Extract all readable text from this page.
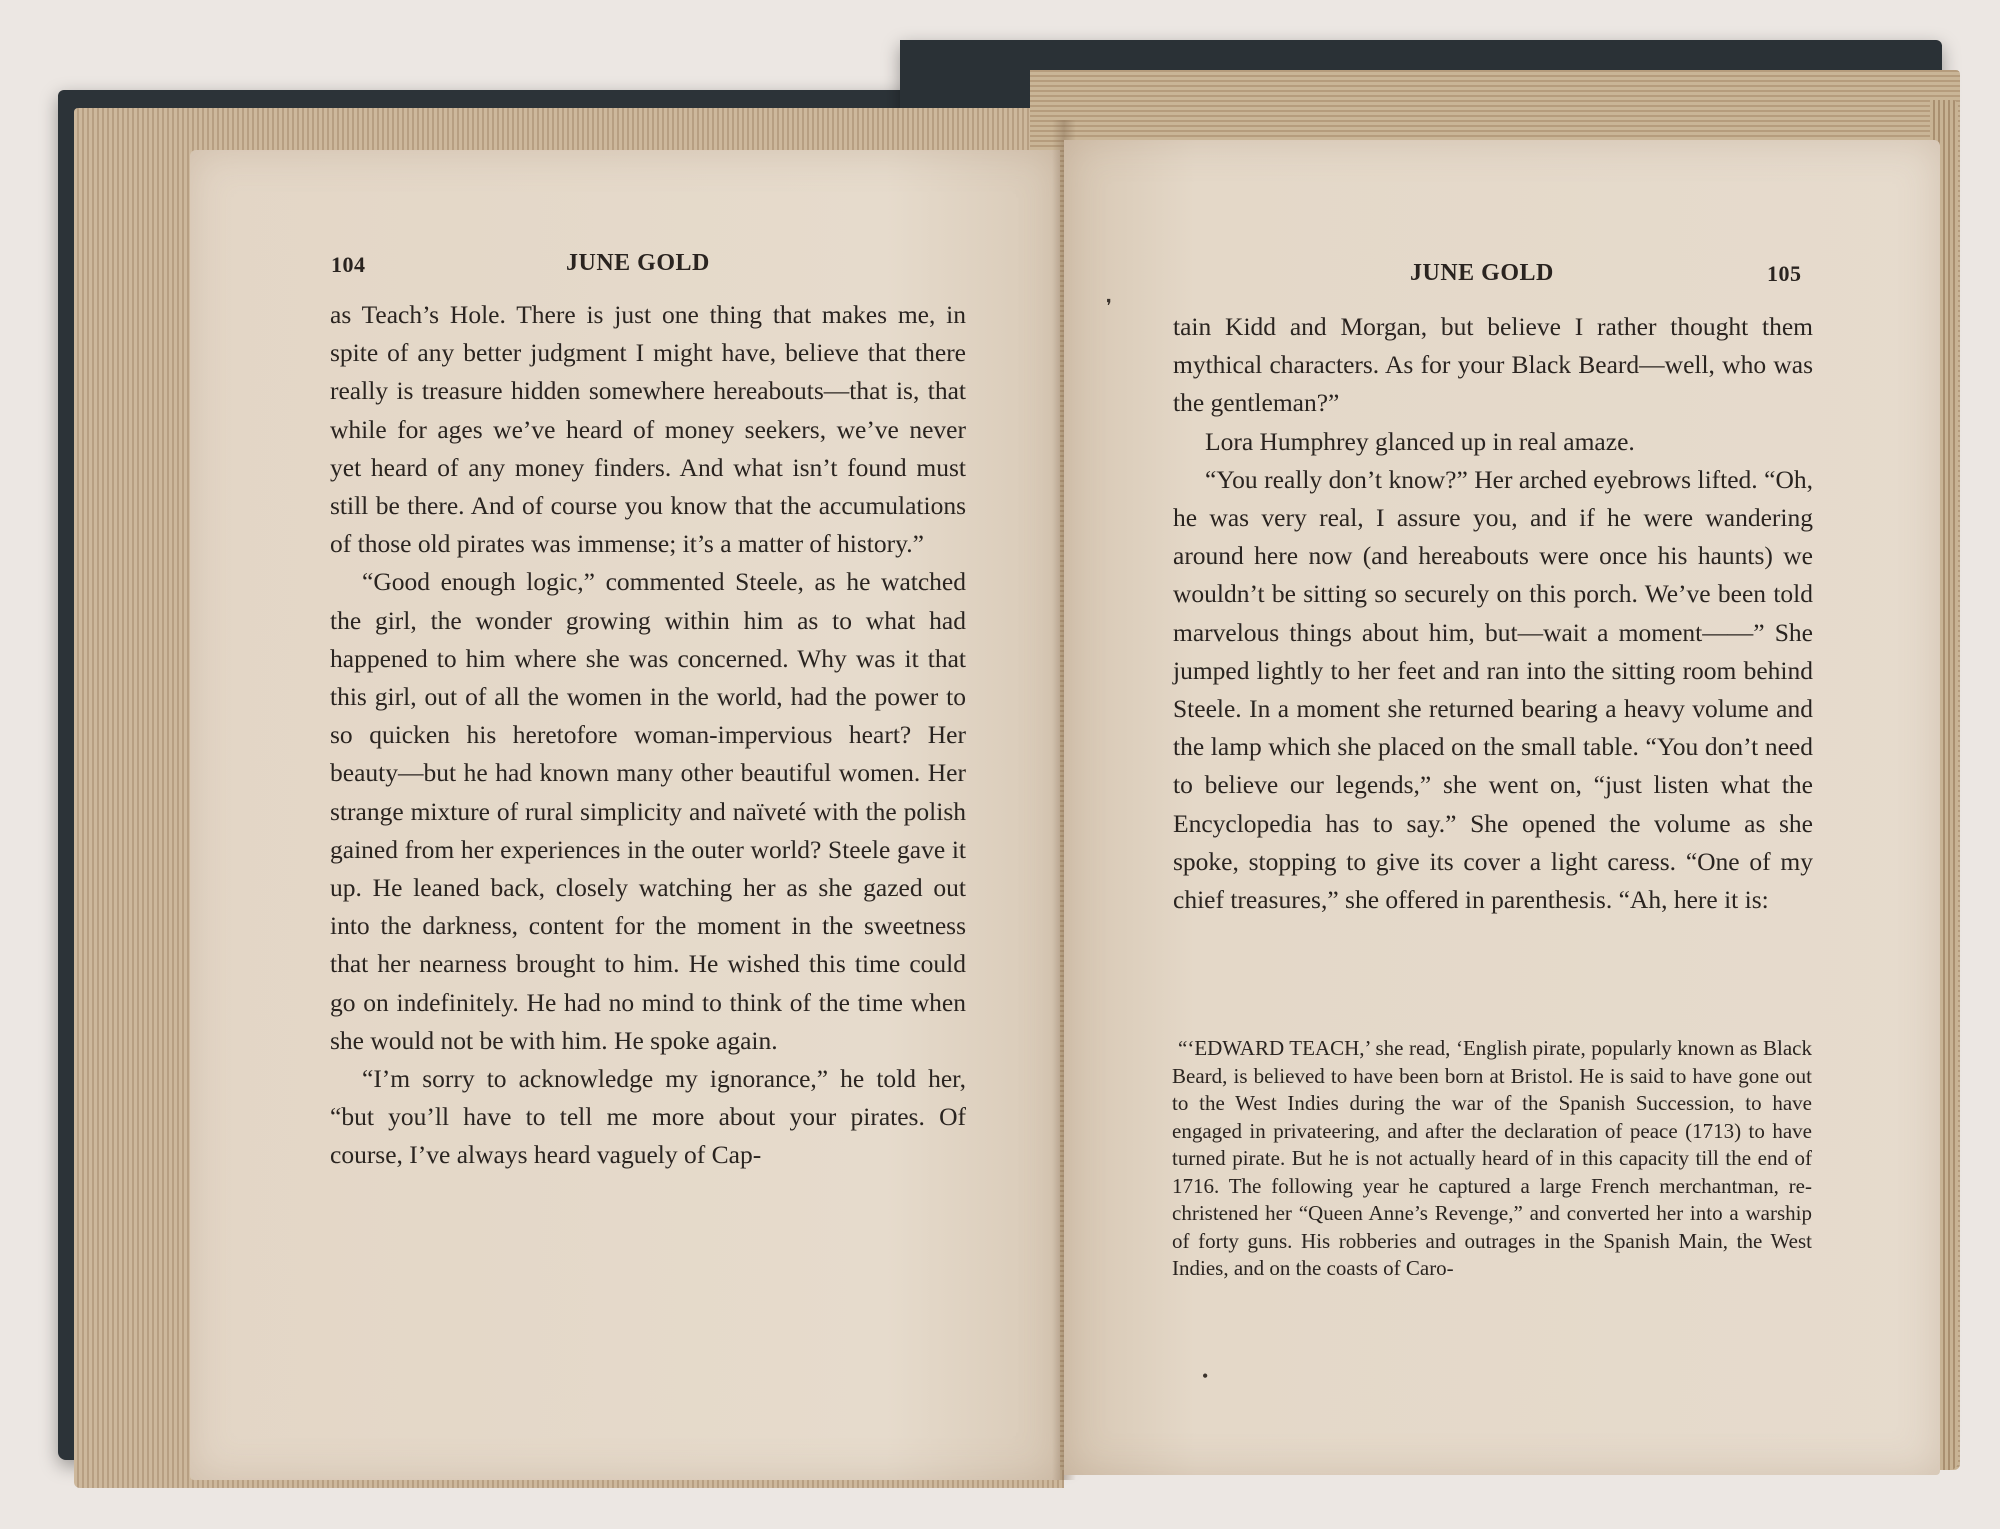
104	JUNE GOLD

as Teach’s Hole. There is just one thing that makes me, in spite of any better judgment I might have, believe that there really is treasure hidden somewhere hereabouts—that is, that while for ages we’ve heard of money seekers, we’ve never yet heard of any money finders. And what isn’t found must still be there. And of course you know that the accumulations of those old pirates was immense; it’s a matter of history.”

“Good enough logic,” commented Steele, as he watched the girl, the wonder growing within him as to what had happened to him where she was concerned. Why was it that this girl, out of all the women in the world, had the power to so quicken his heretofore woman-impervious heart? Her beauty—but he had known many other beautiful women. Her strange mixture of rural simplicity and naïveté with the polish gained from her experiences in the outer world? Steele gave it up. He leaned back, closely watching her as she gazed out into the darkness, content for the moment in the sweetness that her nearness brought to him. He wished this time could go on indefinitely. He had no mind to think of the time when she would not be with him. He spoke again.

“I’m sorry to acknowledge my ignorance,” he told her, “but you’ll have to tell me more about your pirates. Of course, I’ve always heard vaguely of Cap-

JUNE GOLD	105

tain Kidd and Morgan, but believe I rather thought them mythical characters. As for your Black Beard—well, who was the gentleman?”

Lora Humphrey glanced up in real amaze.

“You really don’t know?” Her arched eyebrows lifted. “Oh, he was very real, I assure you, and if he were wandering around here now (and hereabouts were once his haunts) we wouldn’t be sitting so securely on this porch. We’ve been told marvelous things about him, but—wait a moment——” She jumped lightly to her feet and ran into the sitting room behind Steele. In a moment she returned bearing a heavy volume and the lamp which she placed on the small table. “You don’t need to believe our legends,” she went on, “just listen what the Encyclopedia has to say.” She opened the volume as she spoke, stopping to give its cover a light caress. “One of my chief treasures,” she offered in parenthesis. “Ah, here it is:

“‘EDWARD TEACH,’ she read, ‘English pirate, popularly known as Black Beard, is believed to have been born at Bristol. He is said to have gone out to the West Indies during the war of the Spanish Succession, to have engaged in privateering, and after the declaration of peace (1713) to have turned pirate. But he is not actually heard of in this capacity till the end of 1716. The following year he captured a large French merchantman, re-christened her “Queen Anne’s Revenge,” and converted her into a warship of forty guns. His robberies and outrages in the Spanish Main, the West Indies, and on the coasts of Caro-

❜
•
